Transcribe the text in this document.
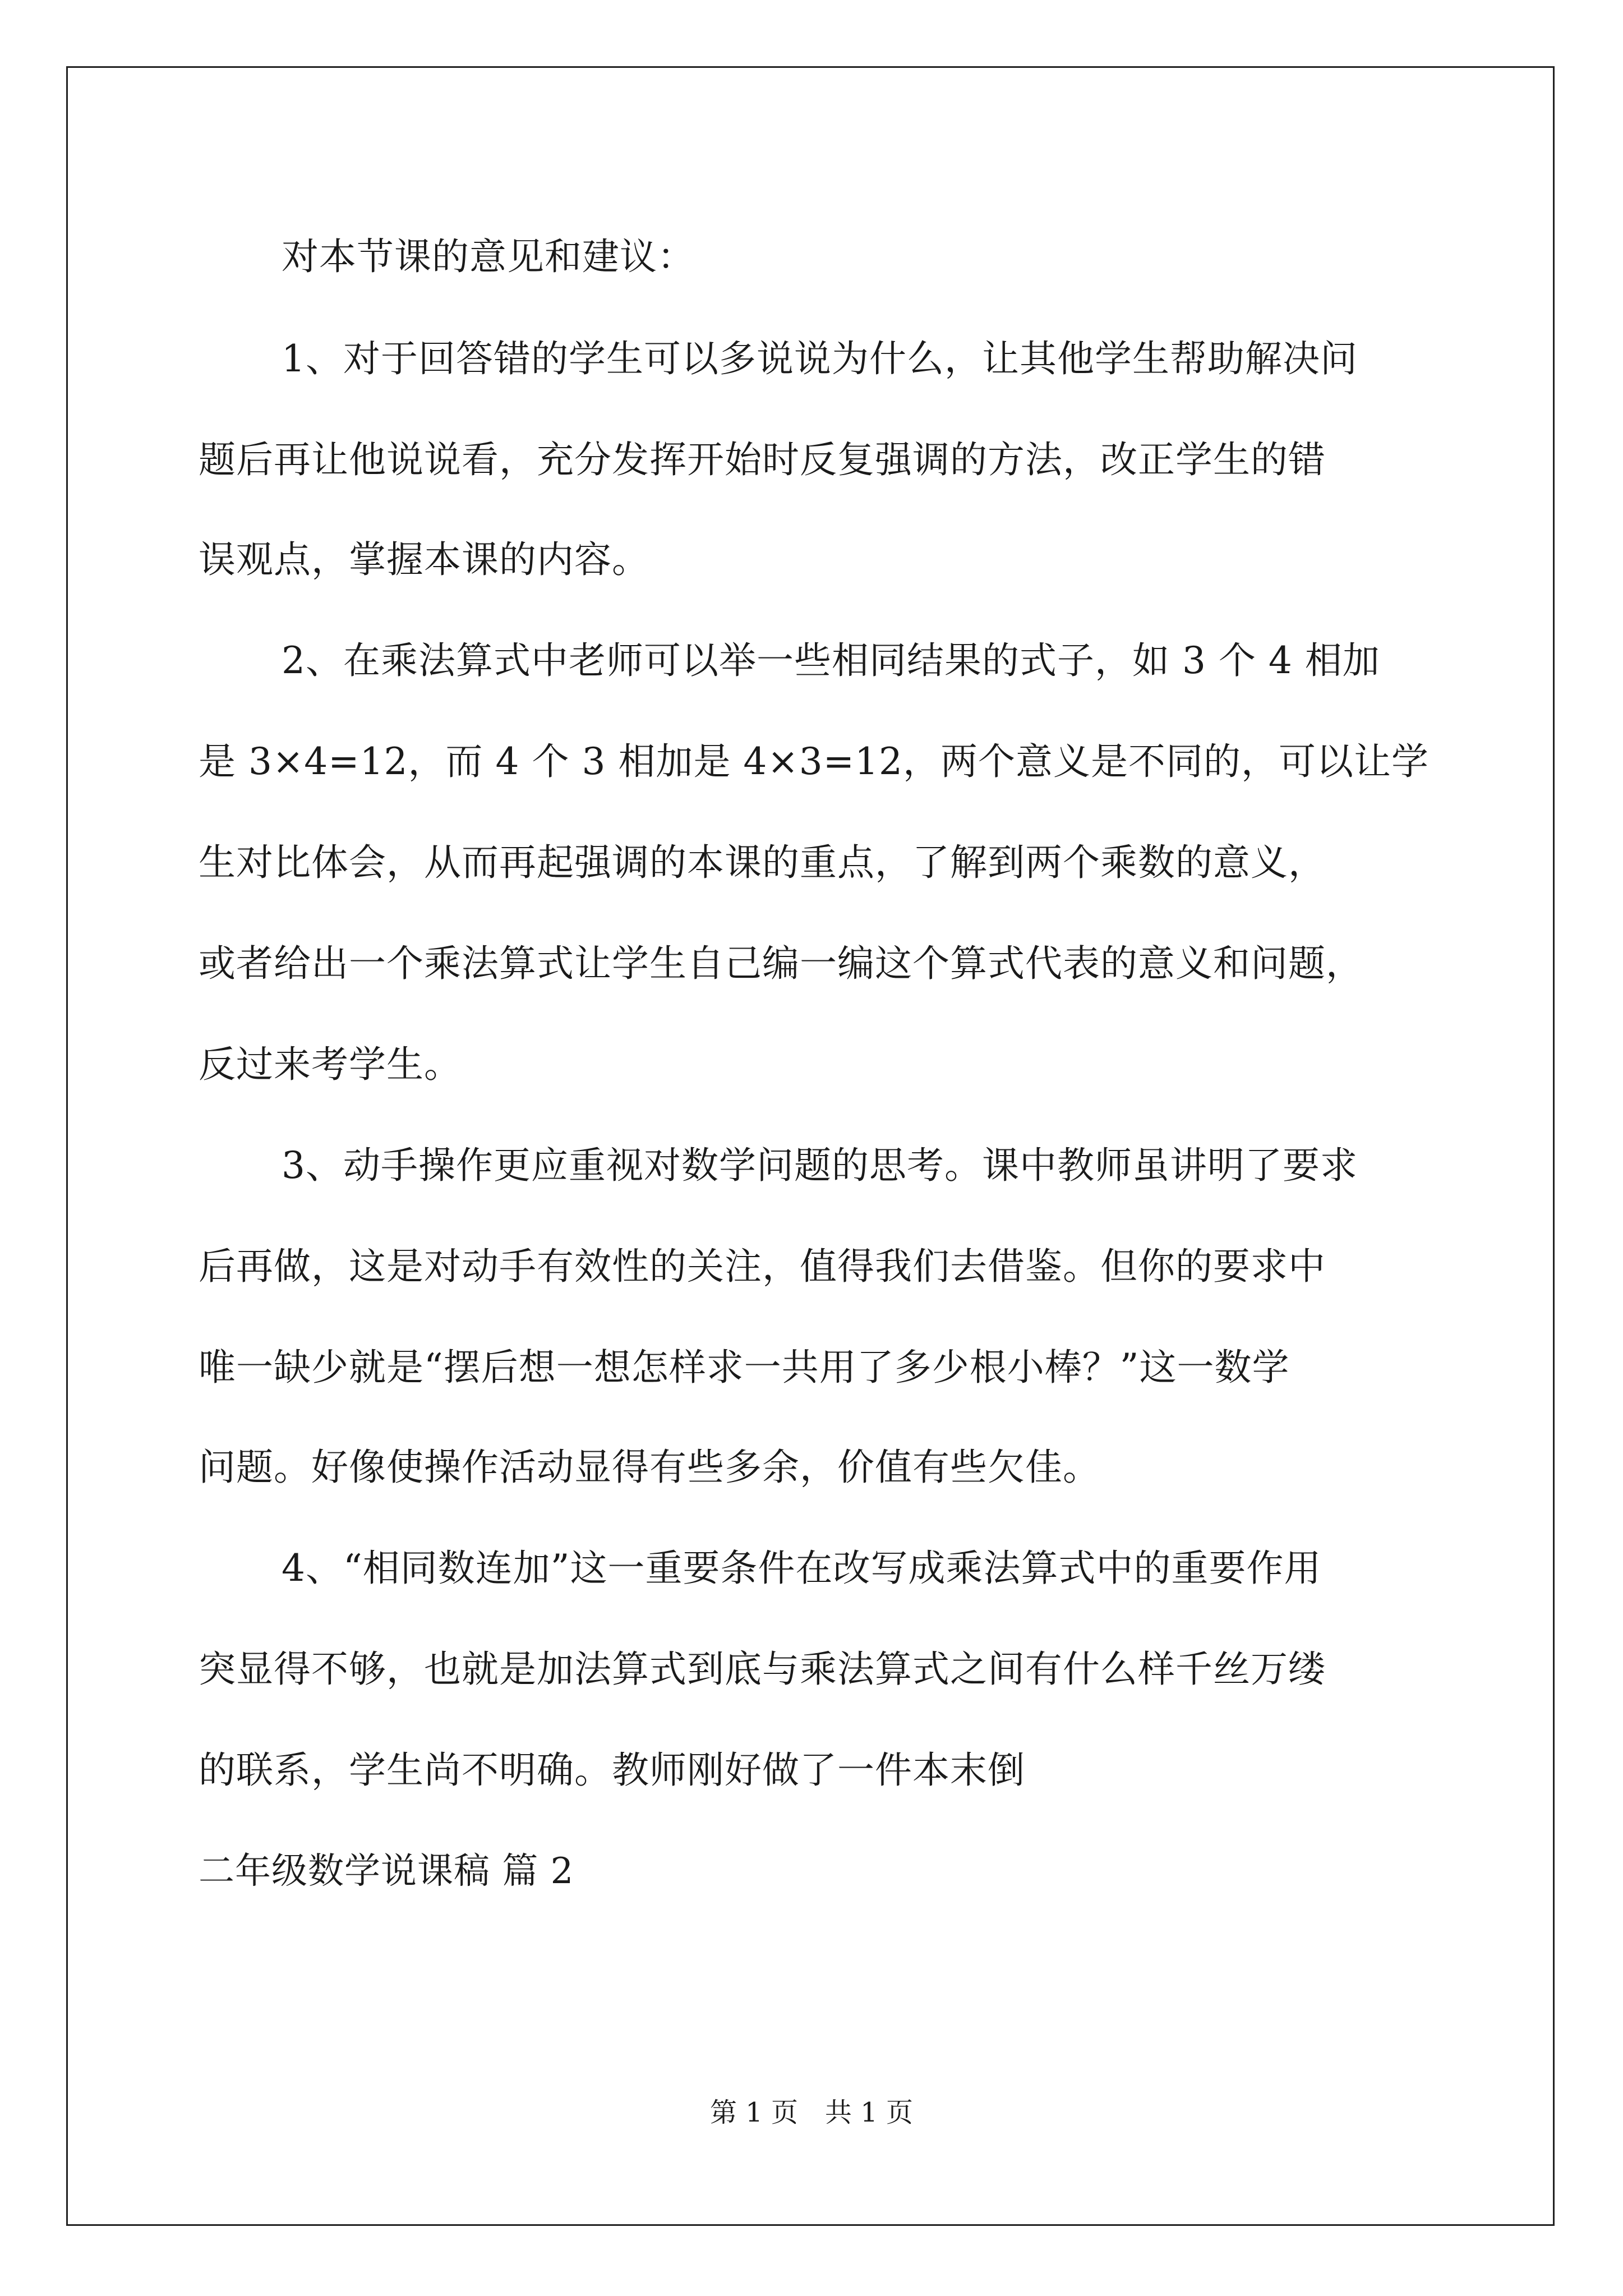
对本节课的意见和建议：
1、对于回答错的学生可以多说说为什么，让其他学生帮助解决问
题后再让他说说看，充分发挥开始时反复强调的方法，改正学生的错
误观点，掌握本课的内容。
2、在乘法算式中老师可以举一些相同结果的式子，如 3 个 4 相加
是 3×4=12，而 4 个 3 相加是 4×3=12，两个意义是不同的，可以让学
生对比体会，从而再起强调的本课的重点，了解到两个乘数的意义，
或者给出一个乘法算式让学生自己编一编这个算式代表的意义和问题，
反过来考学生。
3、动手操作更应重视对数学问题的思考。课中教师虽讲明了要求
后再做，这是对动手有效性的关注，值得我们去借鉴。但你的要求中
唯一缺少就是“摆后想一想怎样求一共用了多少根小棒？”这一数学
问题。好像使操作活动显得有些多余，价值有些欠佳。
4、“相同数连加”这一重要条件在改写成乘法算式中的重要作用
突显得不够，也就是加法算式到底与乘法算式之间有什么样千丝万缕
的联系，学生尚不明确。教师刚好做了一件本末倒
二年级数学说课稿 篇 2
第 1 页　共 1 页
